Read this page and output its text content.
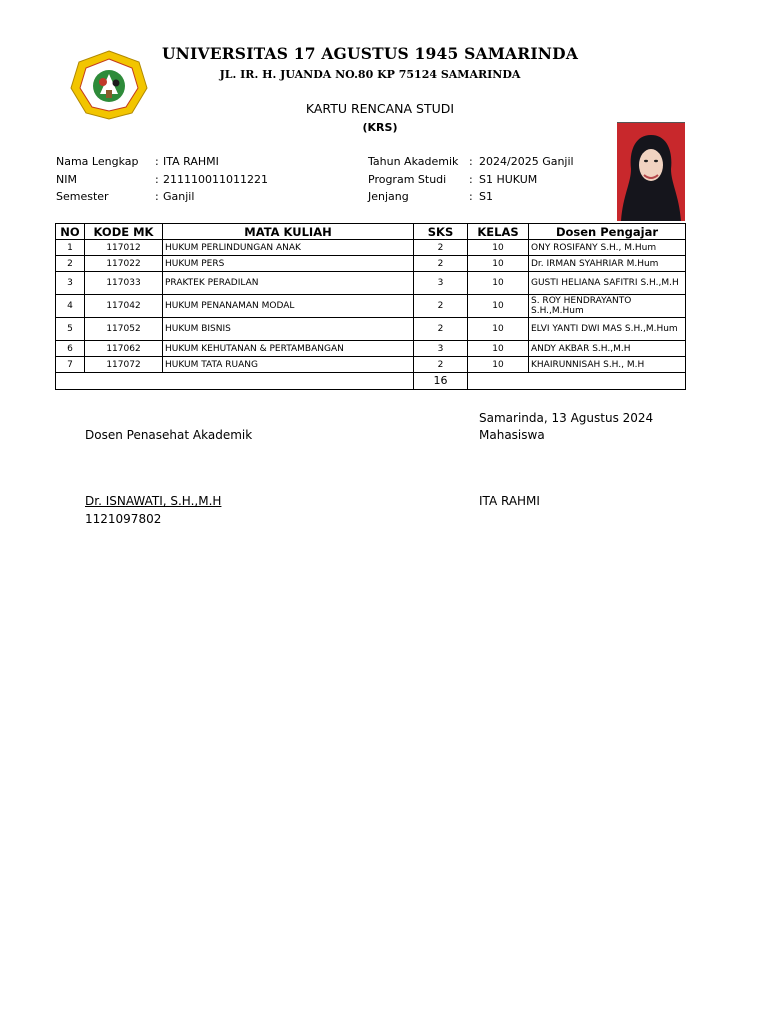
UNIVERSITAS 17 AGUSTUS 1945 SAMARINDA
JL. IR. H. JUANDA NO.80 KP 75124 SAMARINDA
KARTU RENCANA STUDI
(KRS)
Nama Lengkap : ITA RAHMI
NIM	: 211110011011221
Semester	: Ganjil
Tahun Akademik : 2024/2025 Ganjil
Program Studi : S1 HUKUM
Jenjang	: S1
NO	KODE MK	MATA KULIAH	SKS	KELAS	Dosen Pengajar
1	117012	HUKUM PERLINDUNGAN ANAK	2	10	ONY ROSIFANY S.H., M.Hum
2	117022	HUKUM PERS	2	10	Dr. IRMAN SYAHRIAR M.Hum
3	117033	PRAKTEK PERADILAN	3	10	GUSTI HELIANA SAFITRI S.H.,M.H
4	117042	HUKUM PENANAMAN MODAL	2	10	S. ROY HENDRAYANTO S.H.,M.Hum
5	117052	HUKUM BISNIS	2	10	ELVI YANTI DWI MAS S.H.,M.Hum
6	117062	HUKUM KEHUTANAN & PERTAMBANGAN	3	10	ANDY AKBAR S.H.,M.H
7	117072	HUKUM TATA RUANG	2	10	KHAIRUNNISAH S.H., M.H
			16		
Dosen Penasehat Akademik
Dr. ISNAWATI, S.H.,M.H
1121097802
Samarinda, 13 Agustus 2024
Mahasiswa
ITA RAHMI
